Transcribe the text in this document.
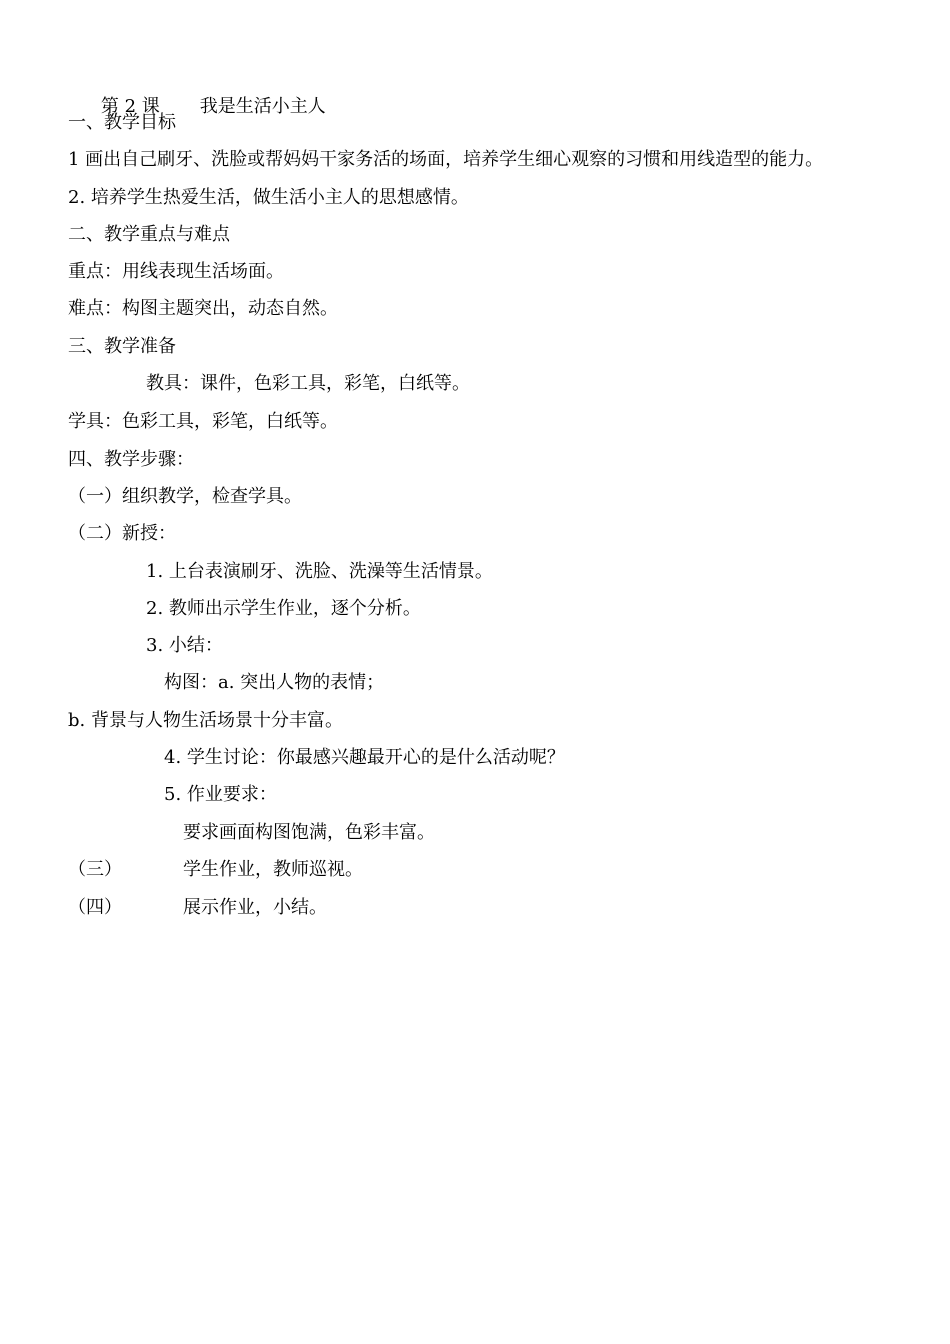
第 2 课 我是生活小主人

一、教学目标
1 画出自己刷牙、洗脸或帮妈妈干家务活的场面，培养学生细心观察的习惯和用线造型的能力。
2. 培养学生热爱生活，做生活小主人的思想感情。
二、教学重点与难点
重点：用线表现生活场面。
难点：构图主题突出，动态自然。
三、教学准备
教具：课件，色彩工具，彩笔，白纸等。
学具：色彩工具，彩笔，白纸等。
四、教学步骤：
（一）组织教学，检查学具。
（二）新授：
1. 上台表演刷牙、洗脸、洗澡等生活情景。
2. 教师出示学生作业，逐个分析。
3. 小结：
构图：a. 突出人物的表情；
b. 背景与人物生活场景十分丰富。
4. 学生讨论：你最感兴趣最开心的是什么活动呢？
5. 作业要求：
要求画面构图饱满，色彩丰富。
（三）	学生作业，教师巡视。
（四）	展示作业，小结。
